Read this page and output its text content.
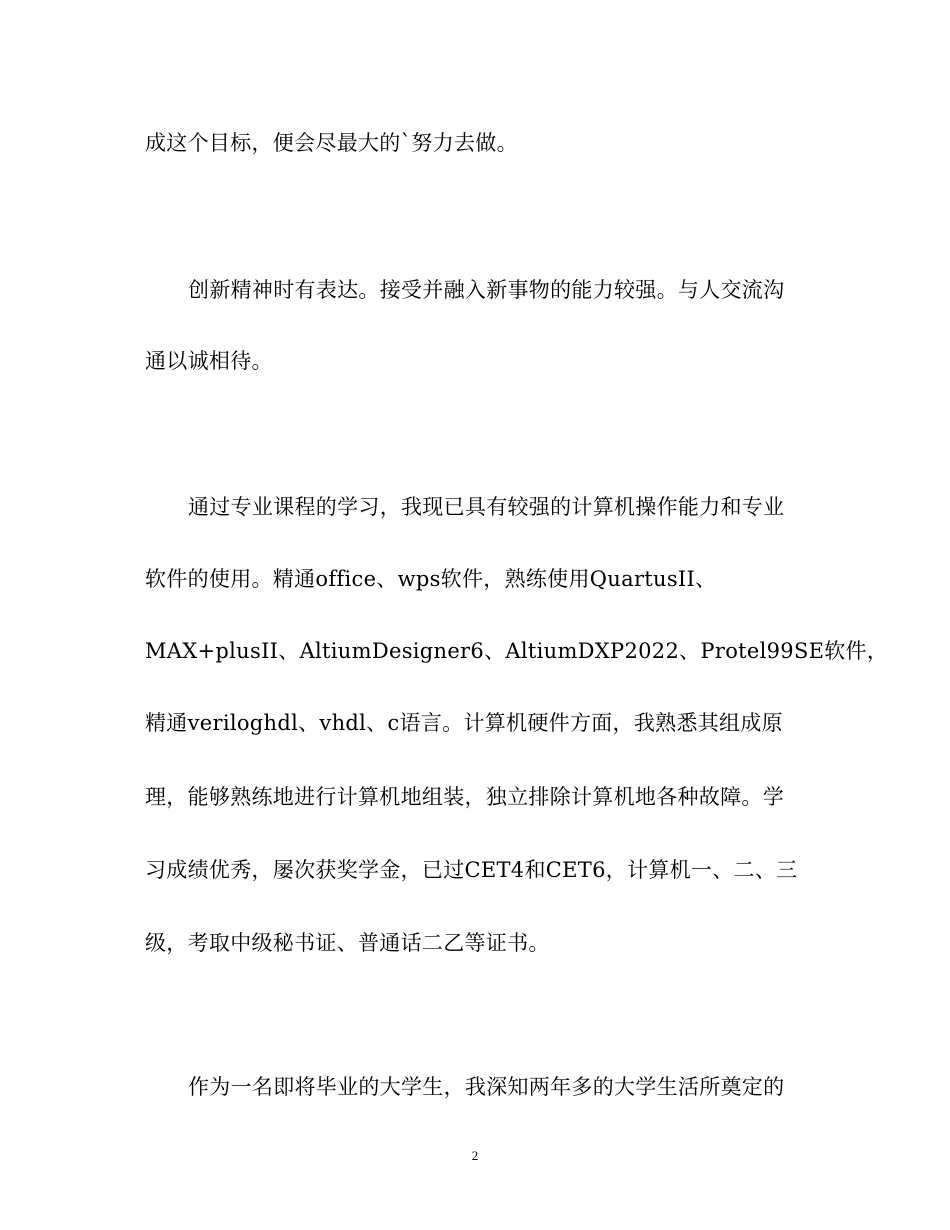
成这个目标，便会尽最大的`努力去做。
创新精神时有表达。接受并融入新事物的能力较强。与人交流沟
通以诚相待。
通过专业课程的学习，我现已具有较强的计算机操作能力和专业
软件的使用。精通office、wps软件，熟练使用QuartusII、
MAX+plusII、AltiumDesigner6、AltiumDXP2022、Protel99SE软件，
精通veriloghdl、vhdl、c语言。计算机硬件方面，我熟悉其组成原
理，能够熟练地进行计算机地组装，独立排除计算机地各种故障。学
习成绩优秀，屡次获奖学金，已过CET4和CET6，计算机一、二、三
级，考取中级秘书证、普通话二乙等证书。
作为一名即将毕业的大学生，我深知两年多的大学生活所奠定的
2
